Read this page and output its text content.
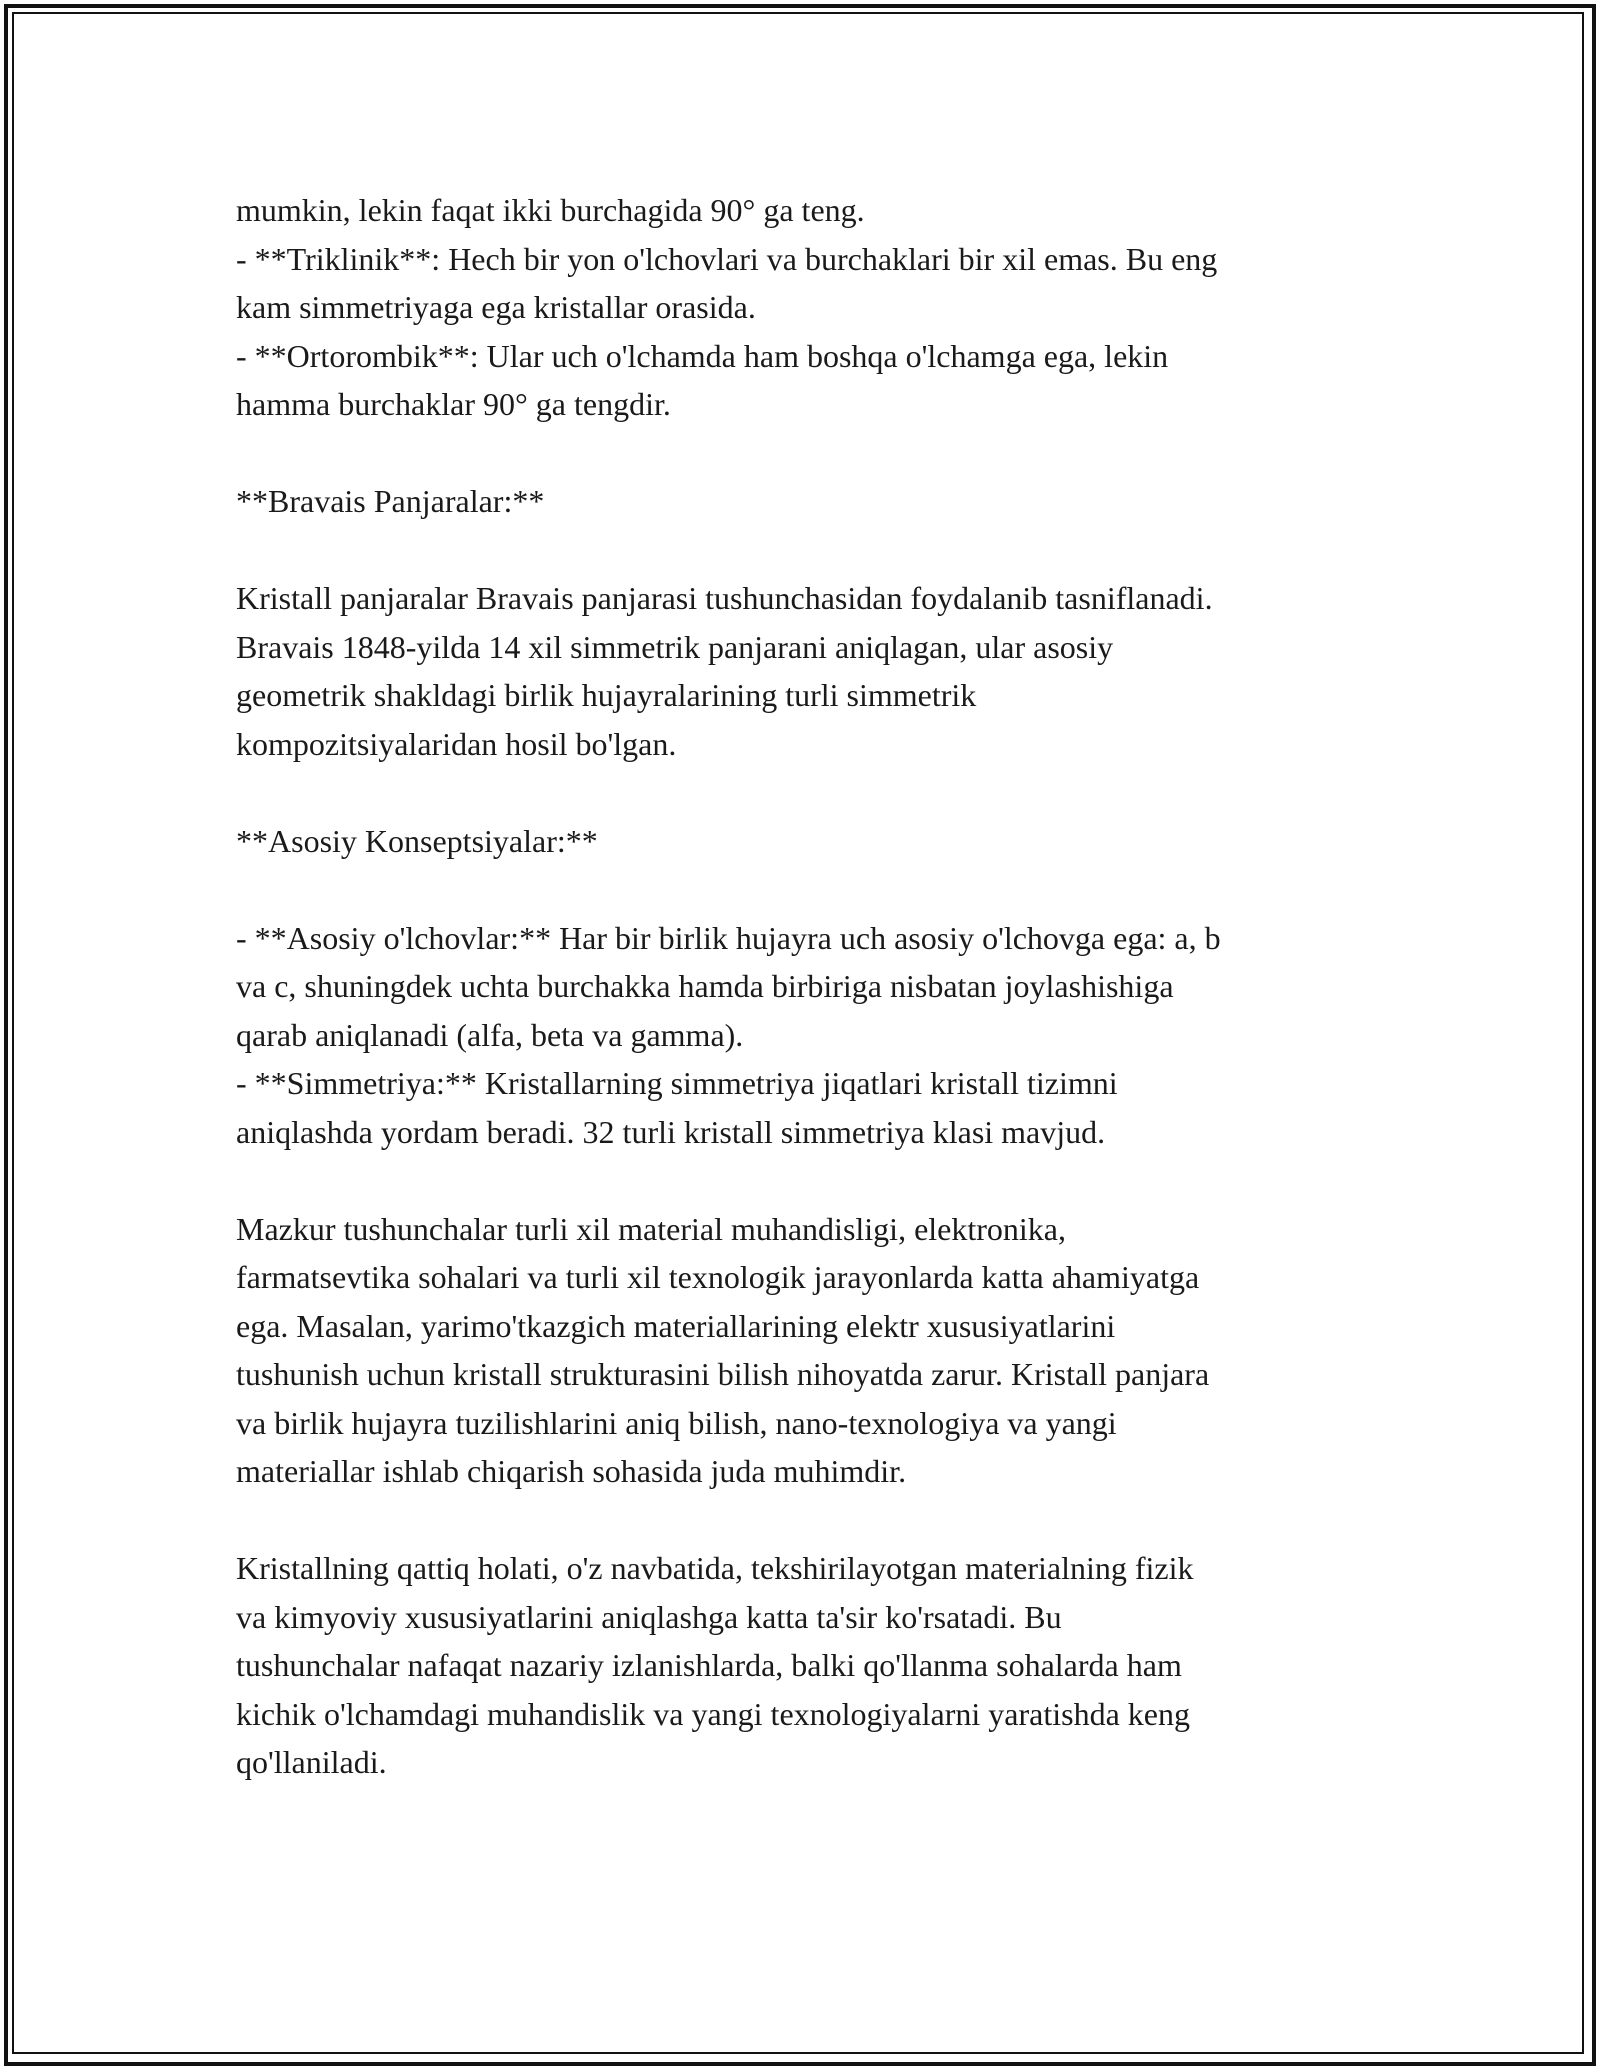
mumkin, lekin faqat ikki burchagida 90° ga teng.
- **Triklinik**: Hech bir yon o'lchovlari va burchaklari bir xil emas. Bu eng
kam simmetriyaga ega kristallar orasida.
- **Ortorombik**: Ular uch o'lchamda ham boshqa o'lchamga ega, lekin
hamma burchaklar 90° ga tengdir.
**Bravais Panjaralar:**
Kristall panjaralar Bravais panjarasi tushunchasidan foydalanib tasniflanadi.
Bravais 1848-yilda 14 xil simmetrik panjarani aniqlagan, ular asosiy
geometrik shakldagi birlik hujayralarining turli simmetrik
kompozitsiyalaridan hosil bo'lgan.
**Asosiy Konseptsiyalar:**
- **Asosiy o'lchovlar:** Har bir birlik hujayra uch asosiy o'lchovga ega: a, b
va c, shuningdek uchta burchakka hamda birbiriga nisbatan joylashishiga
qarab aniqlanadi (alfa, beta va gamma).
- **Simmetriya:** Kristallarning simmetriya jiqatlari kristall tizimni
aniqlashda yordam beradi. 32 turli kristall simmetriya klasi mavjud.
Mazkur tushunchalar turli xil material muhandisligi, elektronika,
farmatsevtika sohalari va turli xil texnologik jarayonlarda katta ahamiyatga
ega. Masalan, yarimo'tkazgich materiallarining elektr xususiyatlarini
tushunish uchun kristall strukturasini bilish nihoyatda zarur. Kristall panjara
va birlik hujayra tuzilishlarini aniq bilish, nano-texnologiya va yangi
materiallar ishlab chiqarish sohasida juda muhimdir.
Kristallning qattiq holati, o'z navbatida, tekshirilayotgan materialning fizik
va kimyoviy xususiyatlarini aniqlashga katta ta'sir ko'rsatadi. Bu
tushunchalar nafaqat nazariy izlanishlarda, balki qo'llanma sohalarda ham
kichik o'lchamdagi muhandislik va yangi texnologiyalarni yaratishda keng
qo'llaniladi.
